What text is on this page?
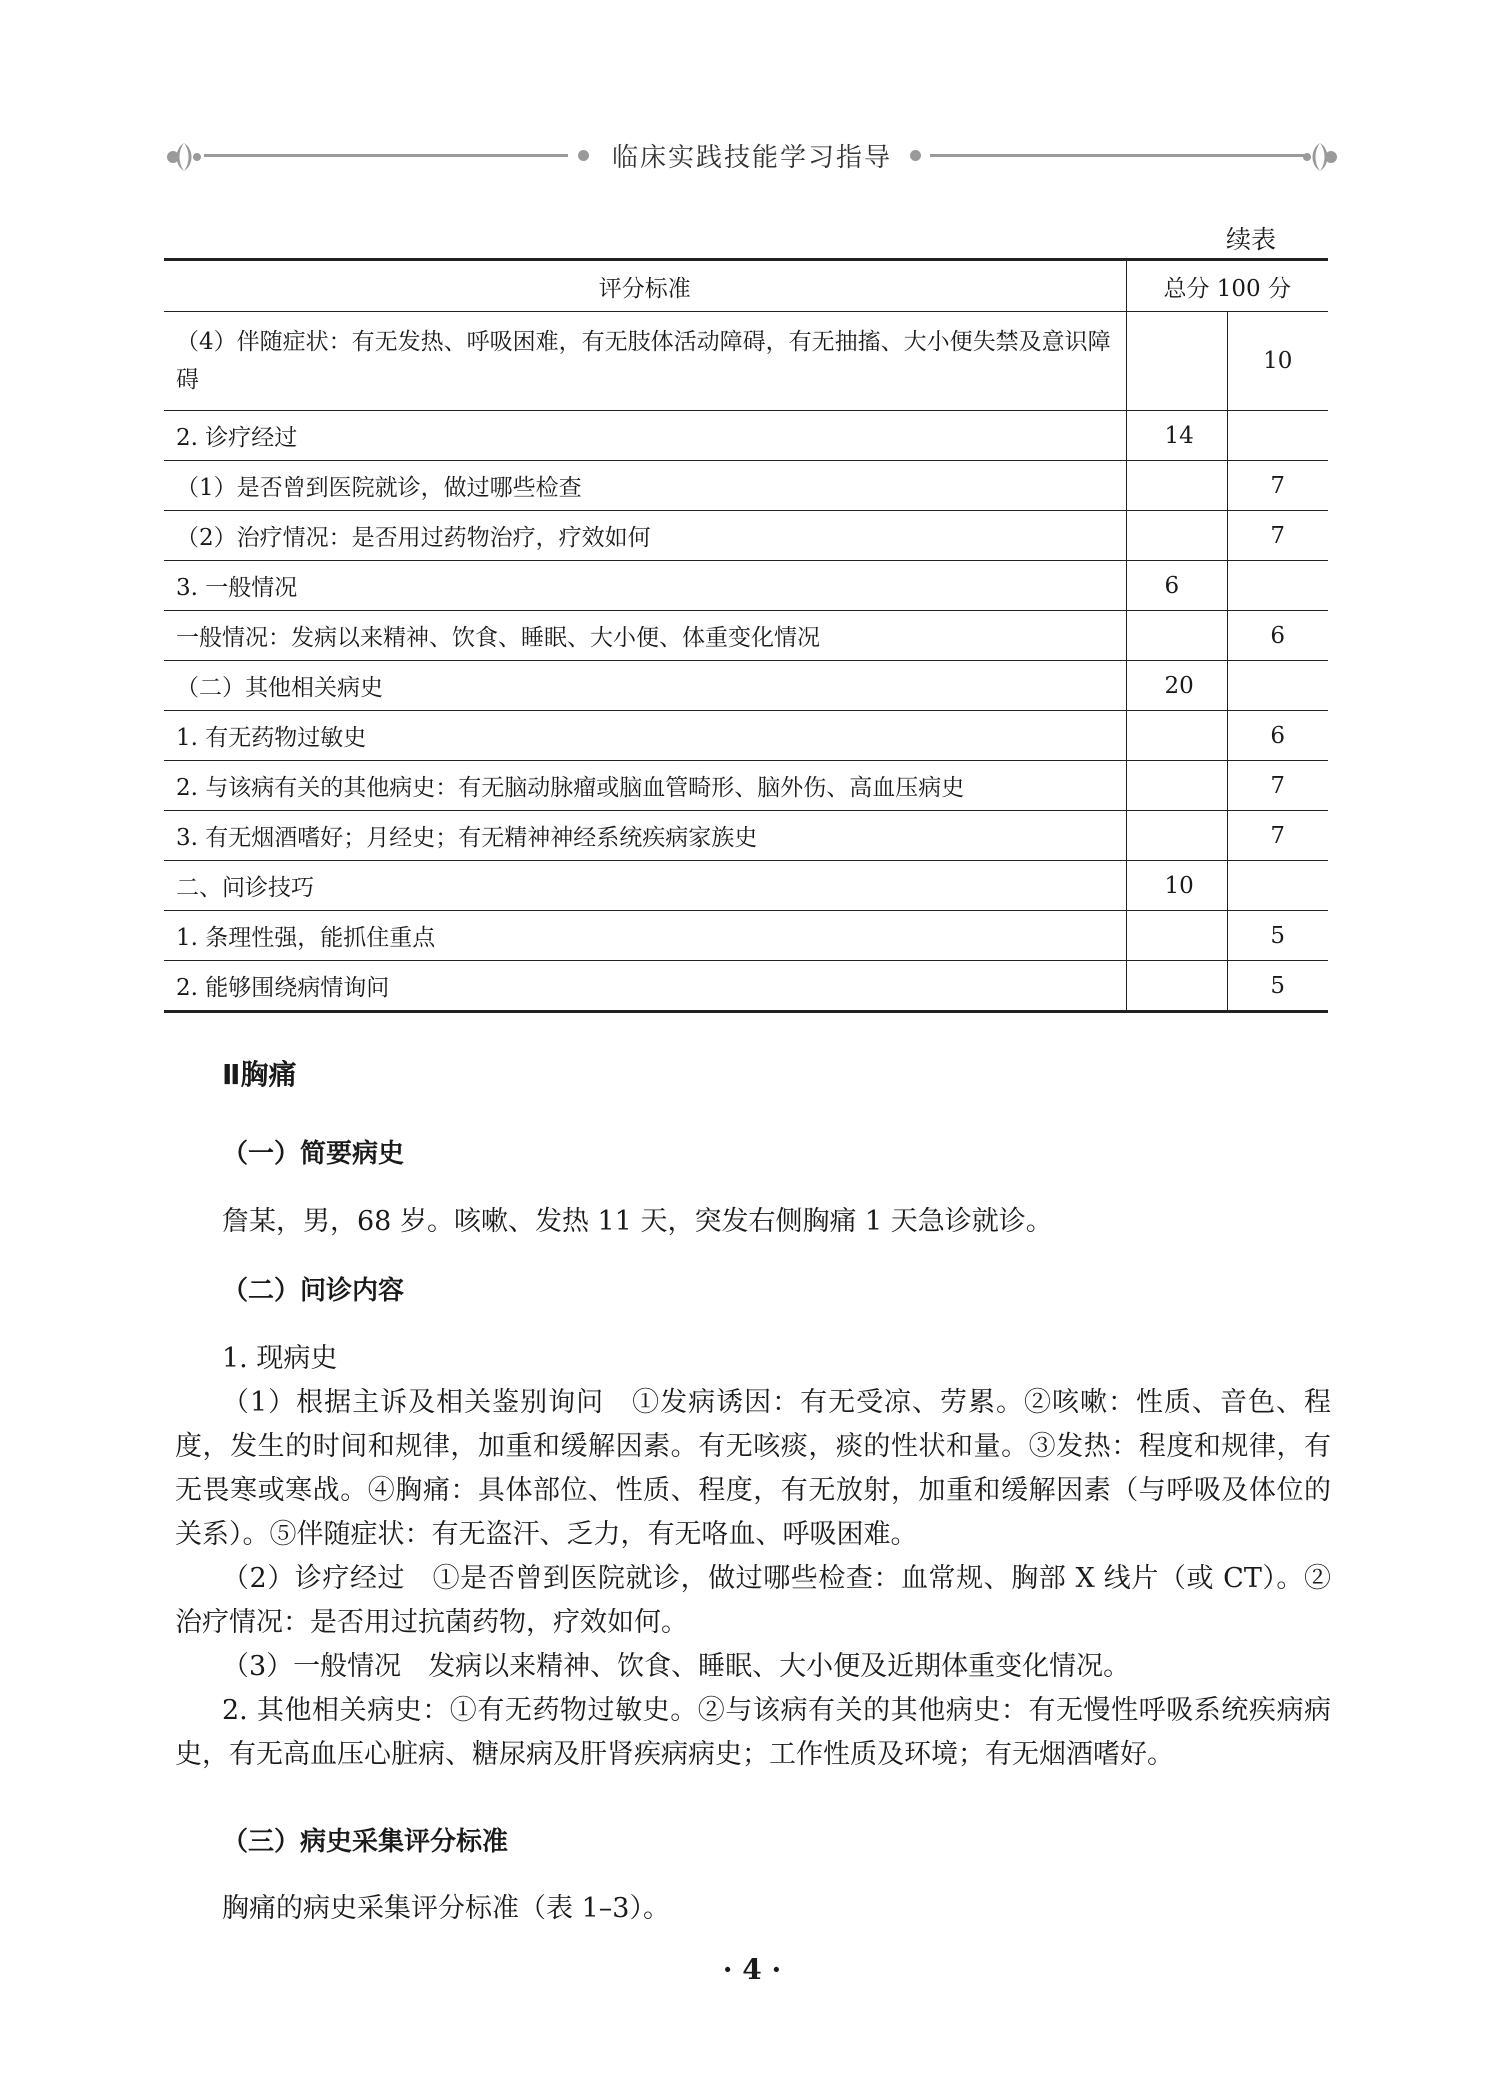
临床实践技能学习指导
续表
评分标准	总分 100 分	
（4）伴随症状：有无发热、呼吸困难，有无肢体活动障碍，有无抽搐、大小便失禁及意识障碍		10
2. 诊疗经过	14	
（1）是否曾到医院就诊，做过哪些检查		7
（2）治疗情况：是否用过药物治疗，疗效如何		7
3. 一般情况	6	
一般情况：发病以来精神、饮食、睡眠、大小便、体重变化情况		6
（二）其他相关病史	20	
1. 有无药物过敏史		6
2. 与该病有关的其他病史：有无脑动脉瘤或脑血管畸形、脑外伤、高血压病史		7
3. 有无烟酒嗜好；月经史；有无精神神经系统疾病家族史		7
二、问诊技巧	10	
1. 条理性强，能抓住重点		5
2. 能够围绕病情询问		5
Ⅱ胸痛
（一）简要病史
詹某，男，68 岁。咳嗽、发热 11 天，突发右侧胸痛 1 天急诊就诊。
（二）问诊内容
1. 现病史

（1）根据主诉及相关鉴别询问　①发病诱因：有无受凉、劳累。②咳嗽：性质、音色、程度，发生的时间和规律，加重和缓解因素。有无咳痰，痰的性状和量。③发热：程度和规律，有无畏寒或寒战。④胸痛：具体部位、性质、程度，有无放射，加重和缓解因素（与呼吸及体位的关系）。⑤伴随症状：有无盗汗、乏力，有无咯血、呼吸困难。

（2）诊疗经过　①是否曾到医院就诊，做过哪些检查：血常规、胸部 X 线片（或 CT）。②治疗情况：是否用过抗菌药物，疗效如何。

（3）一般情况　发病以来精神、饮食、睡眠、大小便及近期体重变化情况。

2. 其他相关病史：①有无药物过敏史。②与该病有关的其他病史：有无慢性呼吸系统疾病病史，有无高血压心脏病、糖尿病及肝肾疾病病史；工作性质及环境；有无烟酒嗜好。

（三）病史采集评分标准
胸痛的病史采集评分标准（表 1–3）。
· 4 ·
